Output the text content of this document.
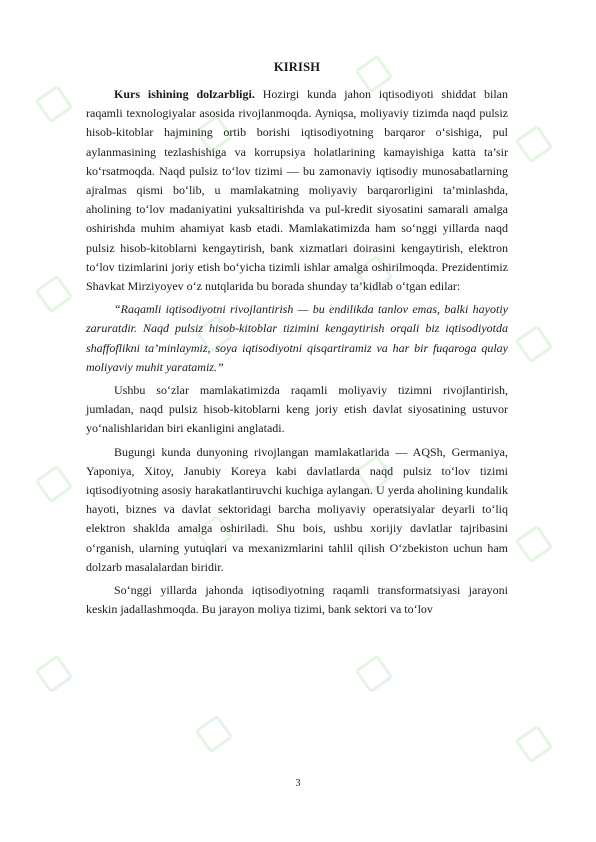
KIRISH

Kurs ishining dolzarbligi. Hozirgi kunda jahon iqtisodiyoti shiddat bilan raqamli texnologiyalar asosida rivojlanmoqda. Ayniqsa, moliyaviy tizimda naqd pulsiz hisob-kitoblar hajmining ortib borishi iqtisodiyotning barqaror o‘sishiga, pul aylanmasining tezlashishiga va korrupsiya holatlarining kamayishiga katta ta’sir ko‘rsatmoqda. Naqd pulsiz to‘lov tizimi — bu zamonaviy iqtisodiy munosabatlarning ajralmas qismi bo‘lib, u mamlakatning moliyaviy barqarorligini ta’minlashda, aholining to‘lov madaniyatini yuksaltirishda va pul-kredit siyosatini samarali amalga oshirishda muhim ahamiyat kasb etadi. Mamlakatimizda ham so‘nggi yillarda naqd pulsiz hisob-kitoblarni kengaytirish, bank xizmatlari doirasini kengaytirish, elektron to‘lov tizimlarini joriy etish bo‘yicha tizimli ishlar amalga oshirilmoqda. Prezidentimiz Shavkat Mirziyoyev o‘z nutqlarida bu borada shunday ta’kidlab o‘tgan edilar:

“Raqamli iqtisodiyotni rivojlantirish — bu endilikda tanlov emas, balki hayotiy zaruratdir. Naqd pulsiz hisob-kitoblar tizimini kengaytirish orqali biz iqtisodiyotda shaffoflikni ta’minlaymiz, soya iqtisodiyotni qisqartiramiz va har bir fuqaroga qulay moliyaviy muhit yaratamiz.”

Ushbu so‘zlar mamlakatimizda raqamli moliyaviy tizimni rivojlantirish, jumladan, naqd pulsiz hisob-kitoblarni keng joriy etish davlat siyosatining ustuvor yo‘nalishlaridan biri ekanligini anglatadi.

Bugungi kunda dunyoning rivojlangan mamlakatlarida — AQSh, Germaniya, Yaponiya, Xitoy, Janubiy Koreya kabi davlatlarda naqd pulsiz to‘lov tizimi iqtisodiyotning asosiy harakatlantiruvchi kuchiga aylangan. U yerda aholining kundalik hayoti, biznes va davlat sektoridagi barcha moliyaviy operatsiyalar deyarli to‘liq elektron shaklda amalga oshiriladi. Shu bois, ushbu xorijiy davlatlar tajribasini o‘rganish, ularning yutuqlari va mexanizmlarini tahlil qilish O‘zbekiston uchun ham dolzarb masalalardan biridir.

So‘nggi yillarda jahonda iqtisodiyotning raqamli transformatsiyasi jarayoni keskin jadallashmoqda. Bu jarayon moliya tizimi, bank sektori va to‘lov

3
